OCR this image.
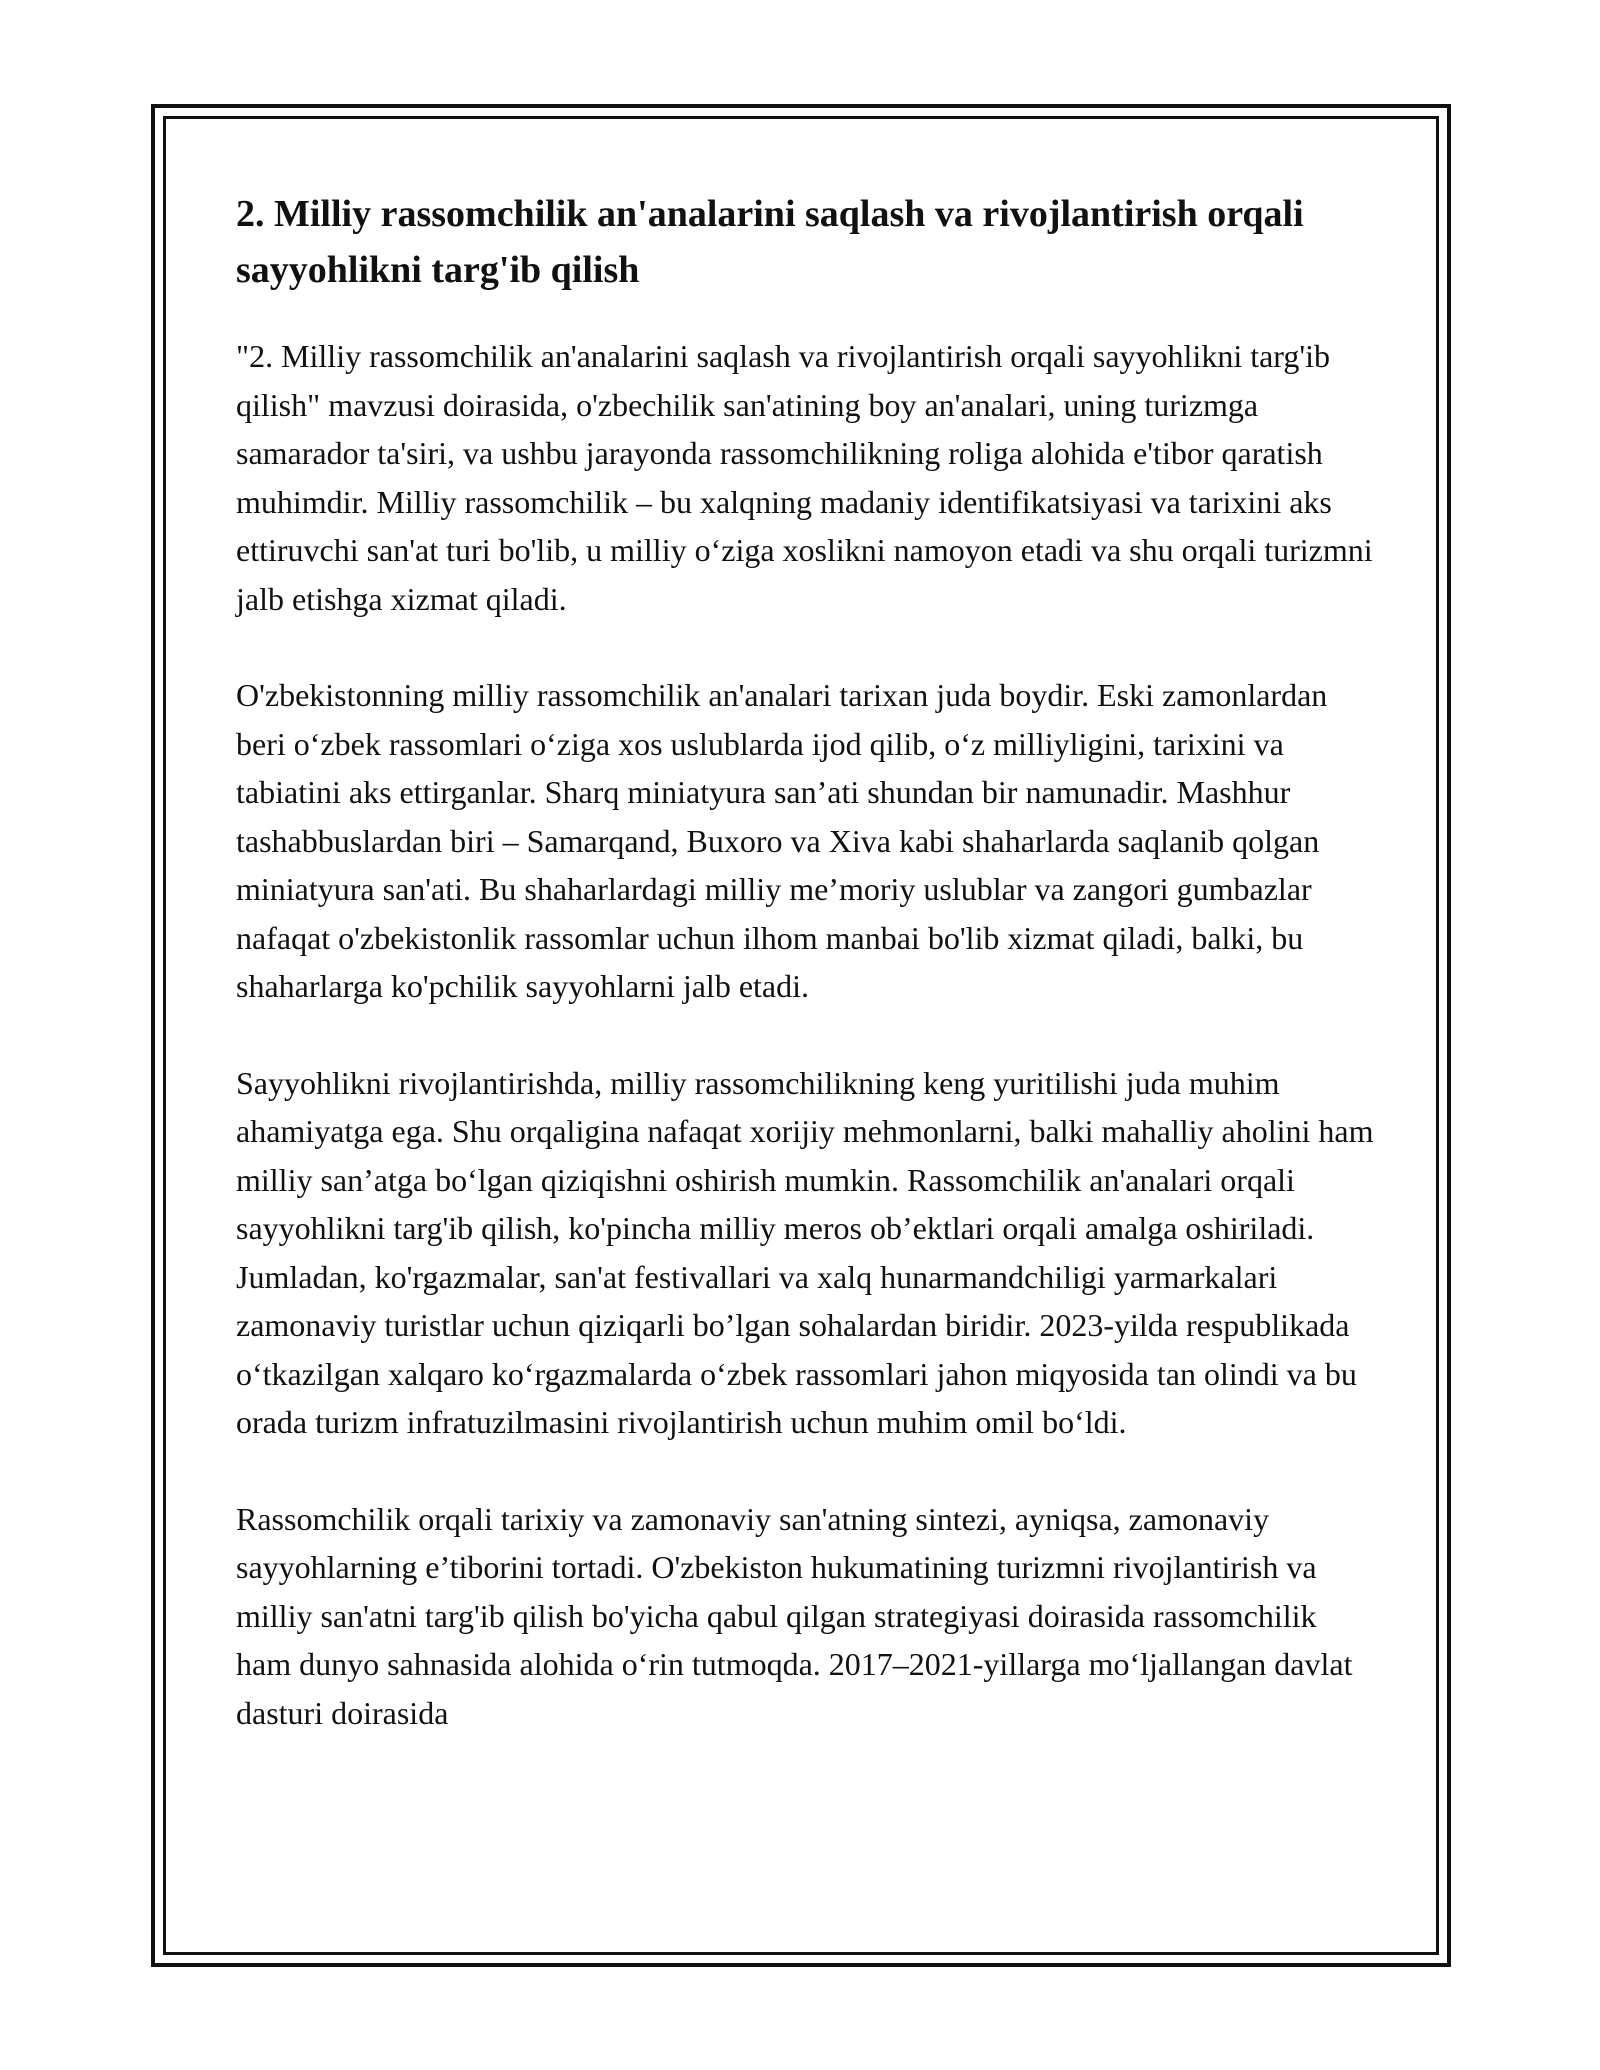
2. Milliy rassomchilik an'analarini saqlash va rivojlantirish orqali sayyohlikni targ'ib qilish

"2. Milliy rassomchilik an'analarini saqlash va rivojlantirish orqali sayyohlikni targ'ib qilish" mavzusi doirasida, o'zbechilik san'atining boy an'analari, uning turizmga samarador ta'siri, va ushbu jarayonda rassomchilikning roliga alohida e'tibor qaratish muhimdir. Milliy rassomchilik – bu xalqning madaniy identifikatsiyasi va tarixini aks ettiruvchi san'at turi bo'lib, u milliy o‘ziga xoslikni namoyon etadi va shu orqali turizmni jalb etishga xizmat qiladi.

O'zbekistonning milliy rassomchilik an'analari tarixan juda boydir. Eski zamonlardan beri o‘zbek rassomlari o‘ziga xos uslublarda ijod qilib, o‘z milliyligini, tarixini va tabiatini aks ettirganlar. Sharq miniatyura san’ati shundan bir namunadir. Mashhur tashabbuslardan biri – Samarqand, Buxoro va Xiva kabi shaharlarda saqlanib qolgan miniatyura san'ati. Bu shaharlardagi milliy me’moriy uslublar va zangori gumbazlar nafaqat o'zbekistonlik rassomlar uchun ilhom manbai bo'lib xizmat qiladi, balki, bu shaharlarga ko'pchilik sayyohlarni jalb etadi.

Sayyohlikni rivojlantirishda, milliy rassomchilikning keng yuritilishi juda muhim ahamiyatga ega. Shu orqaligina nafaqat xorijiy mehmonlarni, balki mahalliy aholini ham milliy san’atga bo‘lgan qiziqishni oshirish mumkin. Rassomchilik an'analari orqali sayyohlikni targ'ib qilish, ko'pincha milliy meros ob’ektlari orqali amalga oshiriladi. Jumladan, ko'rgazmalar, san'at festivallari va xalq hunarmandchiligi yarmarkalari zamonaviy turistlar uchun qiziqarli bo’lgan sohalardan biridir. 2023-yilda respublikada o‘tkazilgan xalqaro ko‘rgazmalarda o‘zbek rassomlari jahon miqyosida tan olindi va bu orada turizm infratuzilmasini rivojlantirish uchun muhim omil bo‘ldi.

Rassomchilik orqali tarixiy va zamonaviy san'atning sintezi, ayniqsa, zamonaviy sayyohlarning e’tiborini tortadi. O'zbekiston hukumatining turizmni rivojlantirish va milliy san'atni targ'ib qilish bo'yicha qabul qilgan strategiyasi doirasida rassomchilik ham dunyo sahnasida alohida o‘rin tutmoqda. 2017–2021-yillarga mo‘ljallangan davlat dasturi doirasida
